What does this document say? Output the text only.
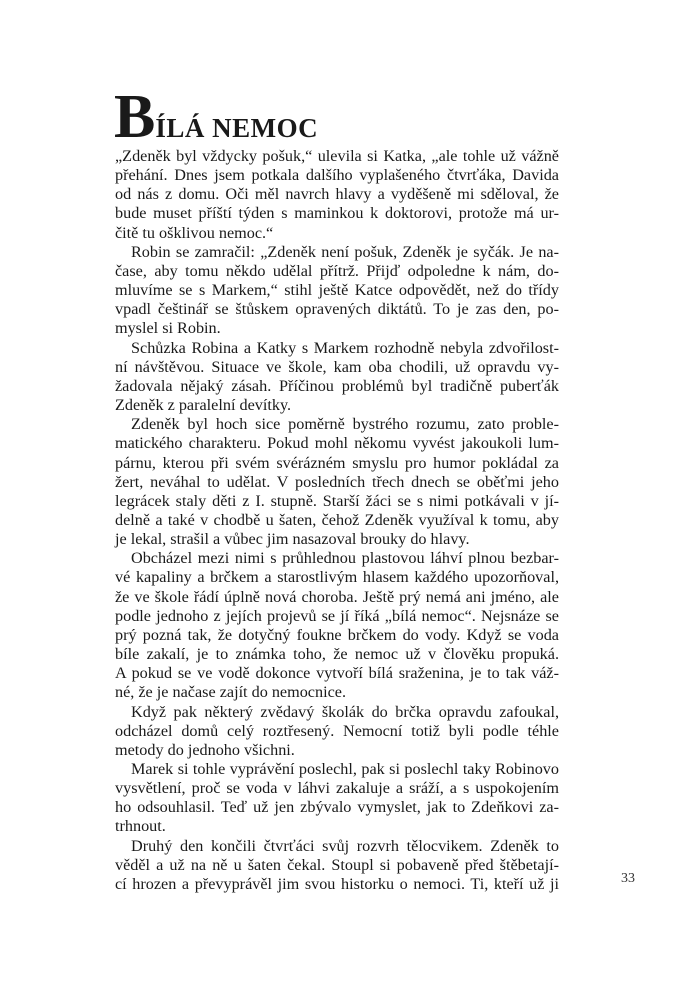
BÍLÁ NEMOC
„Zdeněk byl vždycky pošuk,“ ulevila si Katka, „ale tohle už vážně
přehání. Dnes jsem potkala dalšího vyplašeného čtvrťáka, Davida
od nás z domu. Oči měl navrch hlavy a vyděšeně mi sděloval, že
bude muset příští týden s maminkou k doktorovi, protože má ur-
čitě tu ošklivou nemoc.“
Robin se zamračil: „Zdeněk není pošuk, Zdeněk je syčák. Je na-
čase, aby tomu někdo udělal přítrž. Přijď odpoledne k nám, do-
mluvíme se s Markem,“ stihl ještě Katce odpovědět, než do třídy
vpadl češtinář se štůskem opravených diktátů. To je zas den, po-
myslel si Robin.
Schůzka Robina a Katky s Markem rozhodně nebyla zdvořilost-
ní návštěvou. Situace ve škole, kam oba chodili, už opravdu vy-
žadovala nějaký zásah. Příčinou problémů byl tradičně puberťák
Zdeněk z paralelní devítky.
Zdeněk byl hoch sice poměrně bystrého rozumu, zato proble-
matického charakteru. Pokud mohl někomu vyvést jakoukoli lum-
párnu, kterou při svém svérázném smyslu pro humor pokládal za
žert, neváhal to udělat. V posledních třech dnech se oběťmi jeho
legrácek staly děti z I. stupně. Starší žáci se s nimi potkávali v jí-
delně a také v chodbě u šaten, čehož Zdeněk využíval k tomu, aby
je lekal, strašil a vůbec jim nasazoval brouky do hlavy.
Obcházel mezi nimi s průhlednou plastovou láhví plnou bezbar-
vé kapaliny a brčkem a starostlivým hlasem každého upozorňoval,
že ve škole řádí úplně nová choroba. Ještě prý nemá ani jméno, ale
podle jednoho z jejích projevů se jí říká „bílá nemoc“. Nejsnáze se
prý pozná tak, že dotyčný foukne brčkem do vody. Když se voda
bíle zakalí, je to známka toho, že nemoc už v člověku propuká.
A pokud se ve vodě dokonce vytvoří bílá sraženina, je to tak váž-
né, že je načase zajít do nemocnice.
Když pak některý zvědavý školák do brčka opravdu zafoukal,
odcházel domů celý roztřesený. Nemocní totiž byli podle téhle
metody do jednoho všichni.
Marek si tohle vyprávění poslechl, pak si poslechl taky Robinovo
vysvětlení, proč se voda v láhvi zakaluje a sráží, a s uspokojením
ho odsouhlasil. Teď už jen zbývalo vymyslet, jak to Zdeňkovi za-
trhnout.
Druhý den končili čtvrťáci svůj rozvrh tělocvikem. Zdeněk to
věděl a už na ně u šaten čekal. Stoupl si pobaveně před štěbetají-
cí hrozen a převyprávěl jim svou historku o nemoci. Ti, kteří už ji	33
